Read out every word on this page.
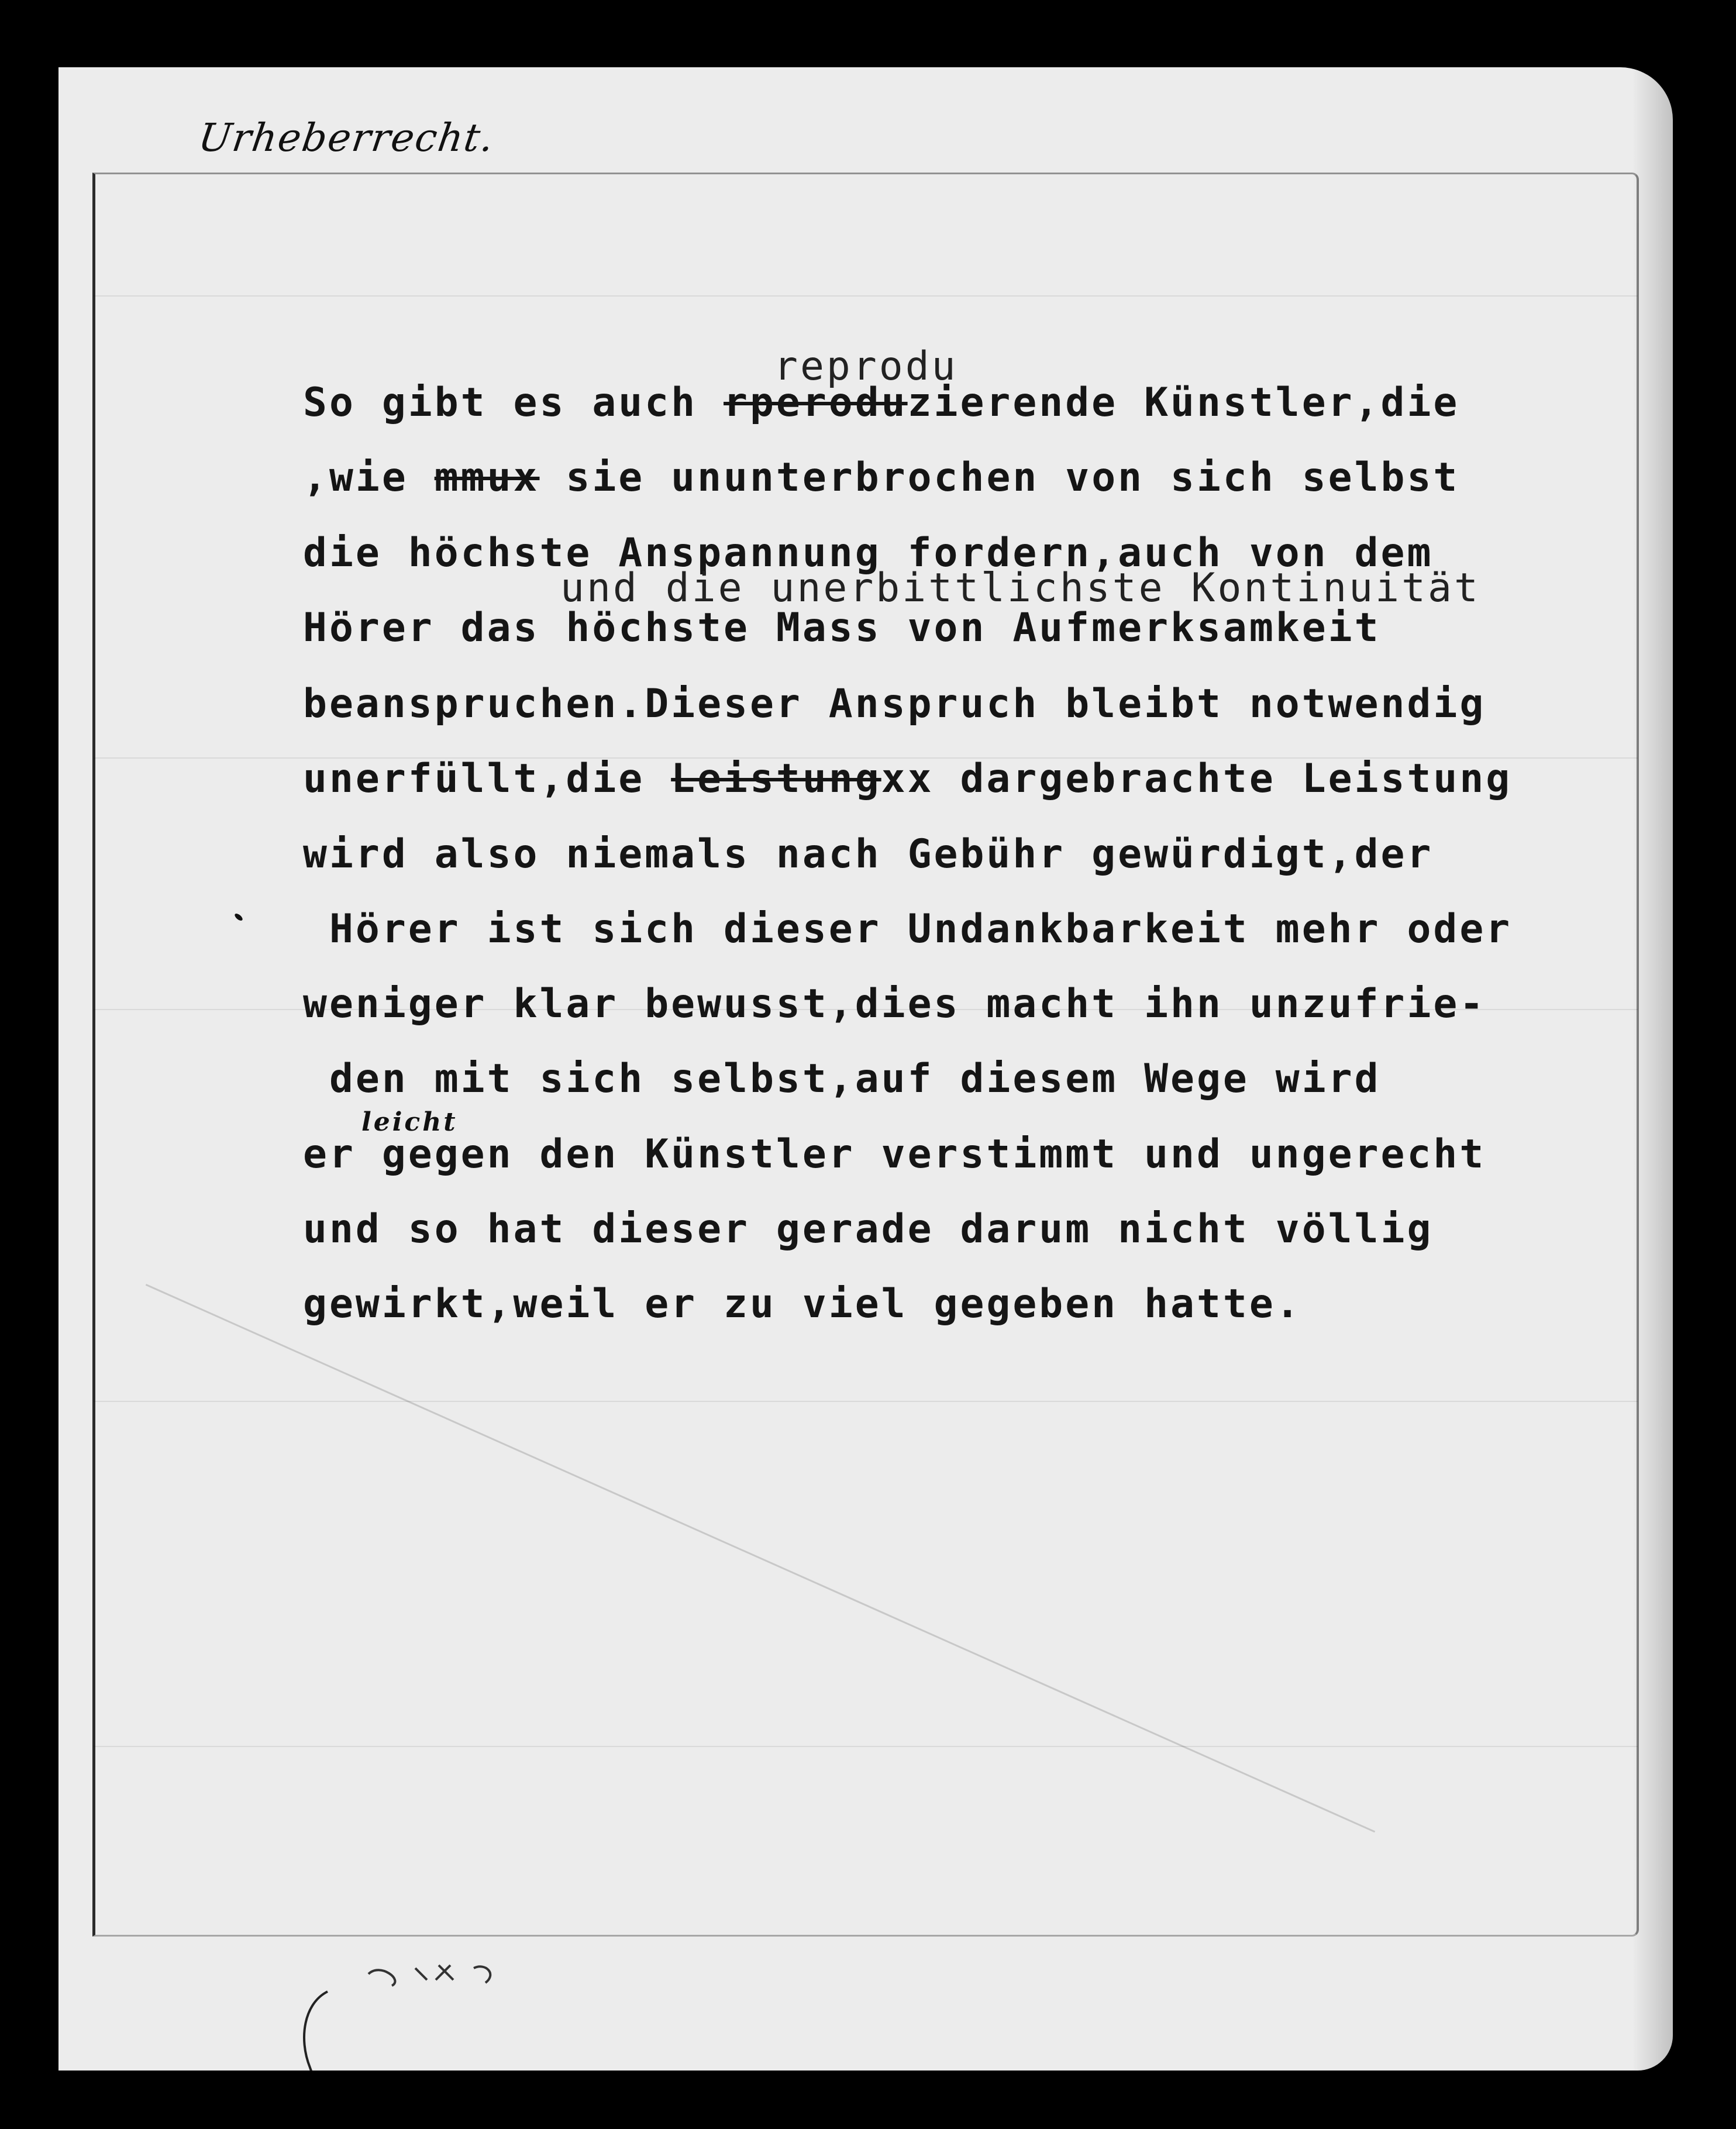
Urheberrecht.

reprodu

So gibt es auch rperoduzierende Künstler,die

,wie mmux sie ununterbrochen von sich selbst

die höchste Anspannung fordern,auch von dem

und die unerbittlichste Kontinuität

Hörer das höchste Mass von Aufmerksamkeit

beanspruchen.Dieser Anspruch bleibt notwendig

unerfüllt,die Leistungxx dargebrachte Leistung

wird also niemals nach Gebühr gewürdigt,der

Hörer ist sich dieser Undankbarkeit mehr oder

weniger klar bewusst,dies macht ihn unzufrie-

den mit sich selbst,auf diesem Wege wird

leicht

er gegen den Künstler verstimmt und ungerecht

und so hat dieser gerade darum nicht völlig

gewirkt,weil er zu viel gegeben hatte.
